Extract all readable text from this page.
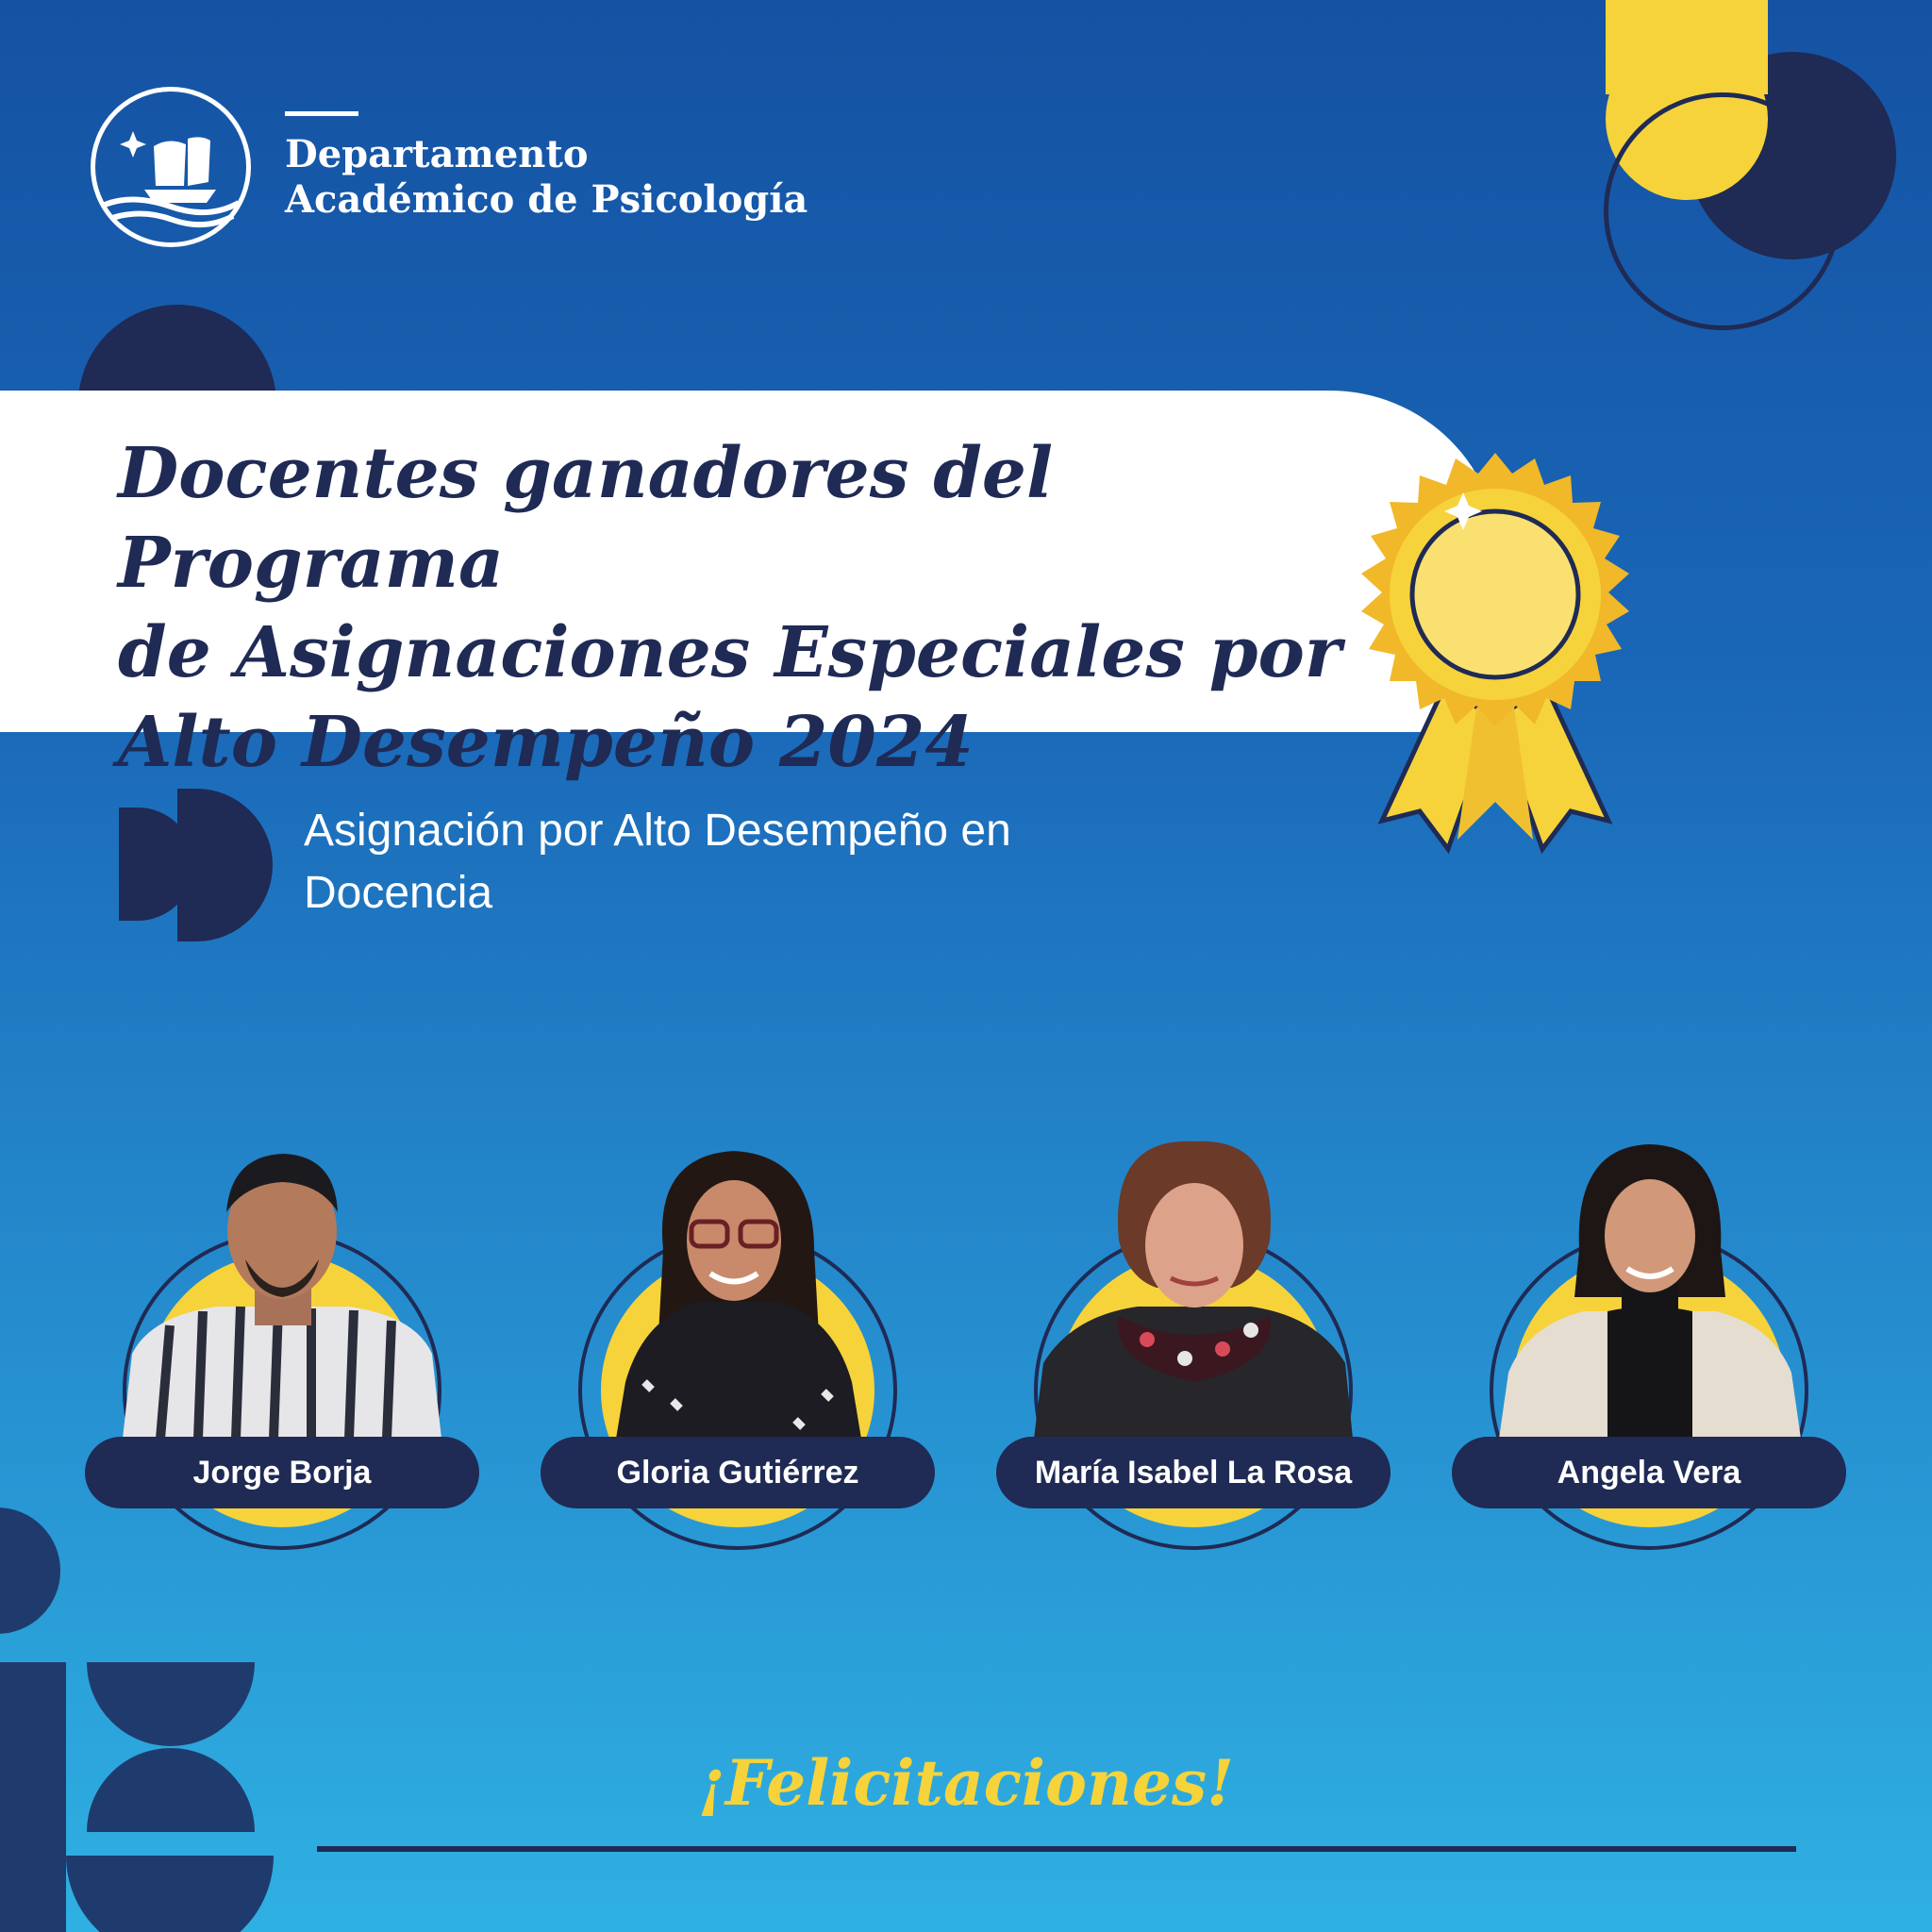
Departamento
Académico de Psicología
Docentes ganadores del Programa
de Asignaciones Especiales por
Alto Desempeño 2024
Asignación por Alto Desempeño en
Docencia
Jorge Borja	Gloria Gutiérrez	María Isabel La Rosa	Angela Vera
¡Felicitaciones!
